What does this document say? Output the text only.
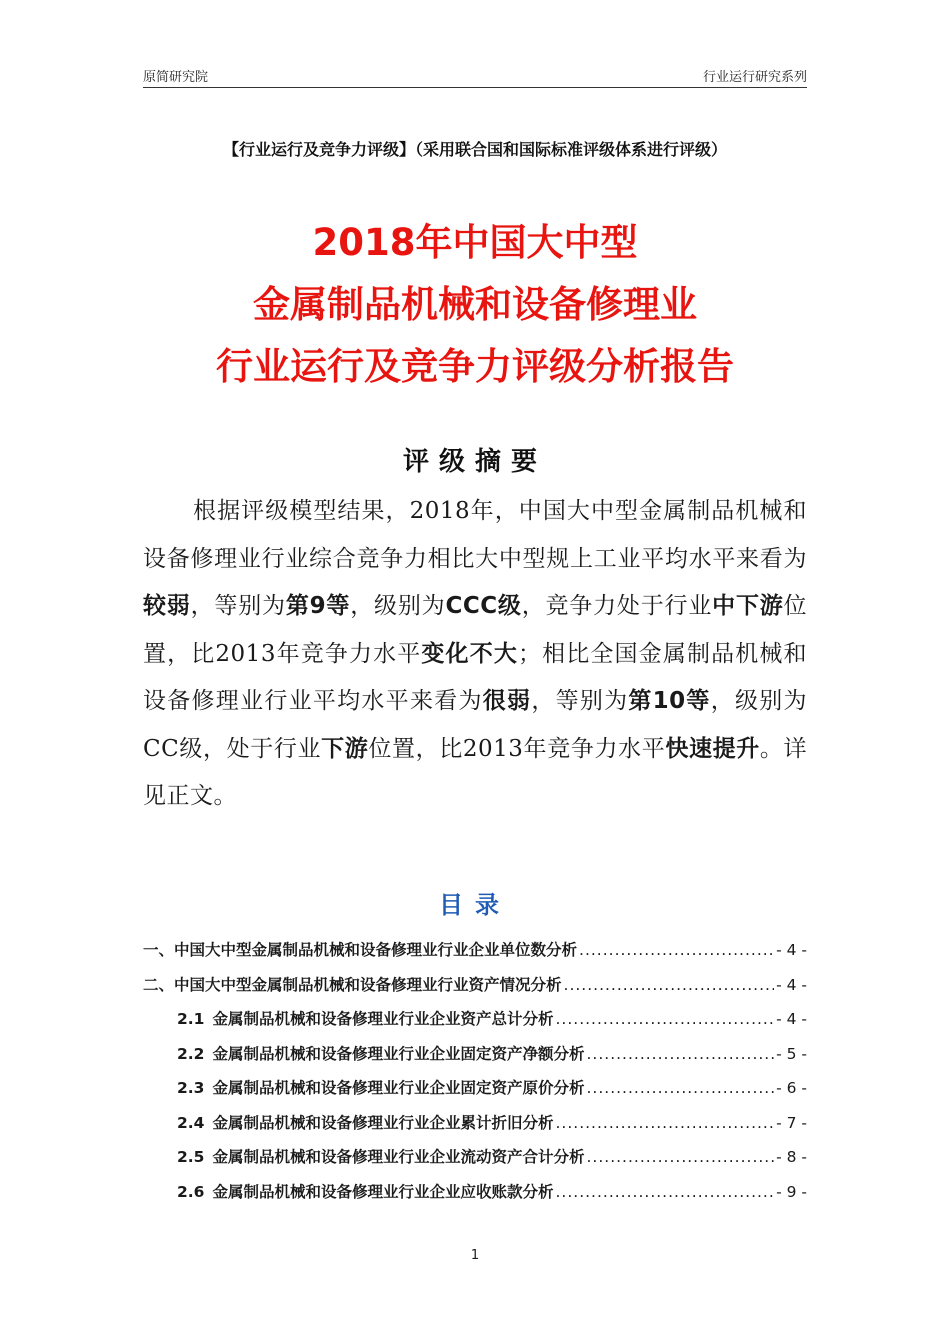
原简研究院	行业运行研究系列
【行业运行及竞争力评级】（采用联合国和国际标准评级体系进行评级）
2018年中国大中型
金属制品机械和设备修理业
行业运行及竞争力评级分析报告
评级摘要
根据评级模型结果，2018年，中国大中型金属制品机械和设备修理业行业综合竞争力相比大中型规上工业平均水平来看为较弱，等别为第9等，级别为CCC级，竞争力处于行业中下游位置，比2013年竞争力水平变化不大；相比全国金属制品机械和设备修理业行业平均水平来看为很弱，等别为第10等，级别为CC级，处于行业下游位置，比2013年竞争力水平快速提升。详见正文。
目录
一、中国大中型金属制品机械和设备修理业行业企业单位数分析 .....	- 4 -
二、中国大中型金属制品机械和设备修理业行业资产情况分析 .....	- 4 -
2.1 金属制品机械和设备修理业行业企业资产总计分析 .....	- 4 -
2.2 金属制品机械和设备修理业行业企业固定资产净额分析 .....	- 5 -
2.3 金属制品机械和设备修理业行业企业固定资产原价分析 .....	- 6 -
2.4 金属制品机械和设备修理业行业企业累计折旧分析 .....	- 7 -
2.5 金属制品机械和设备修理业行业企业流动资产合计分析 .....	- 8 -
2.6 金属制品机械和设备修理业行业企业应收账款分析 .....	- 9 -
1
